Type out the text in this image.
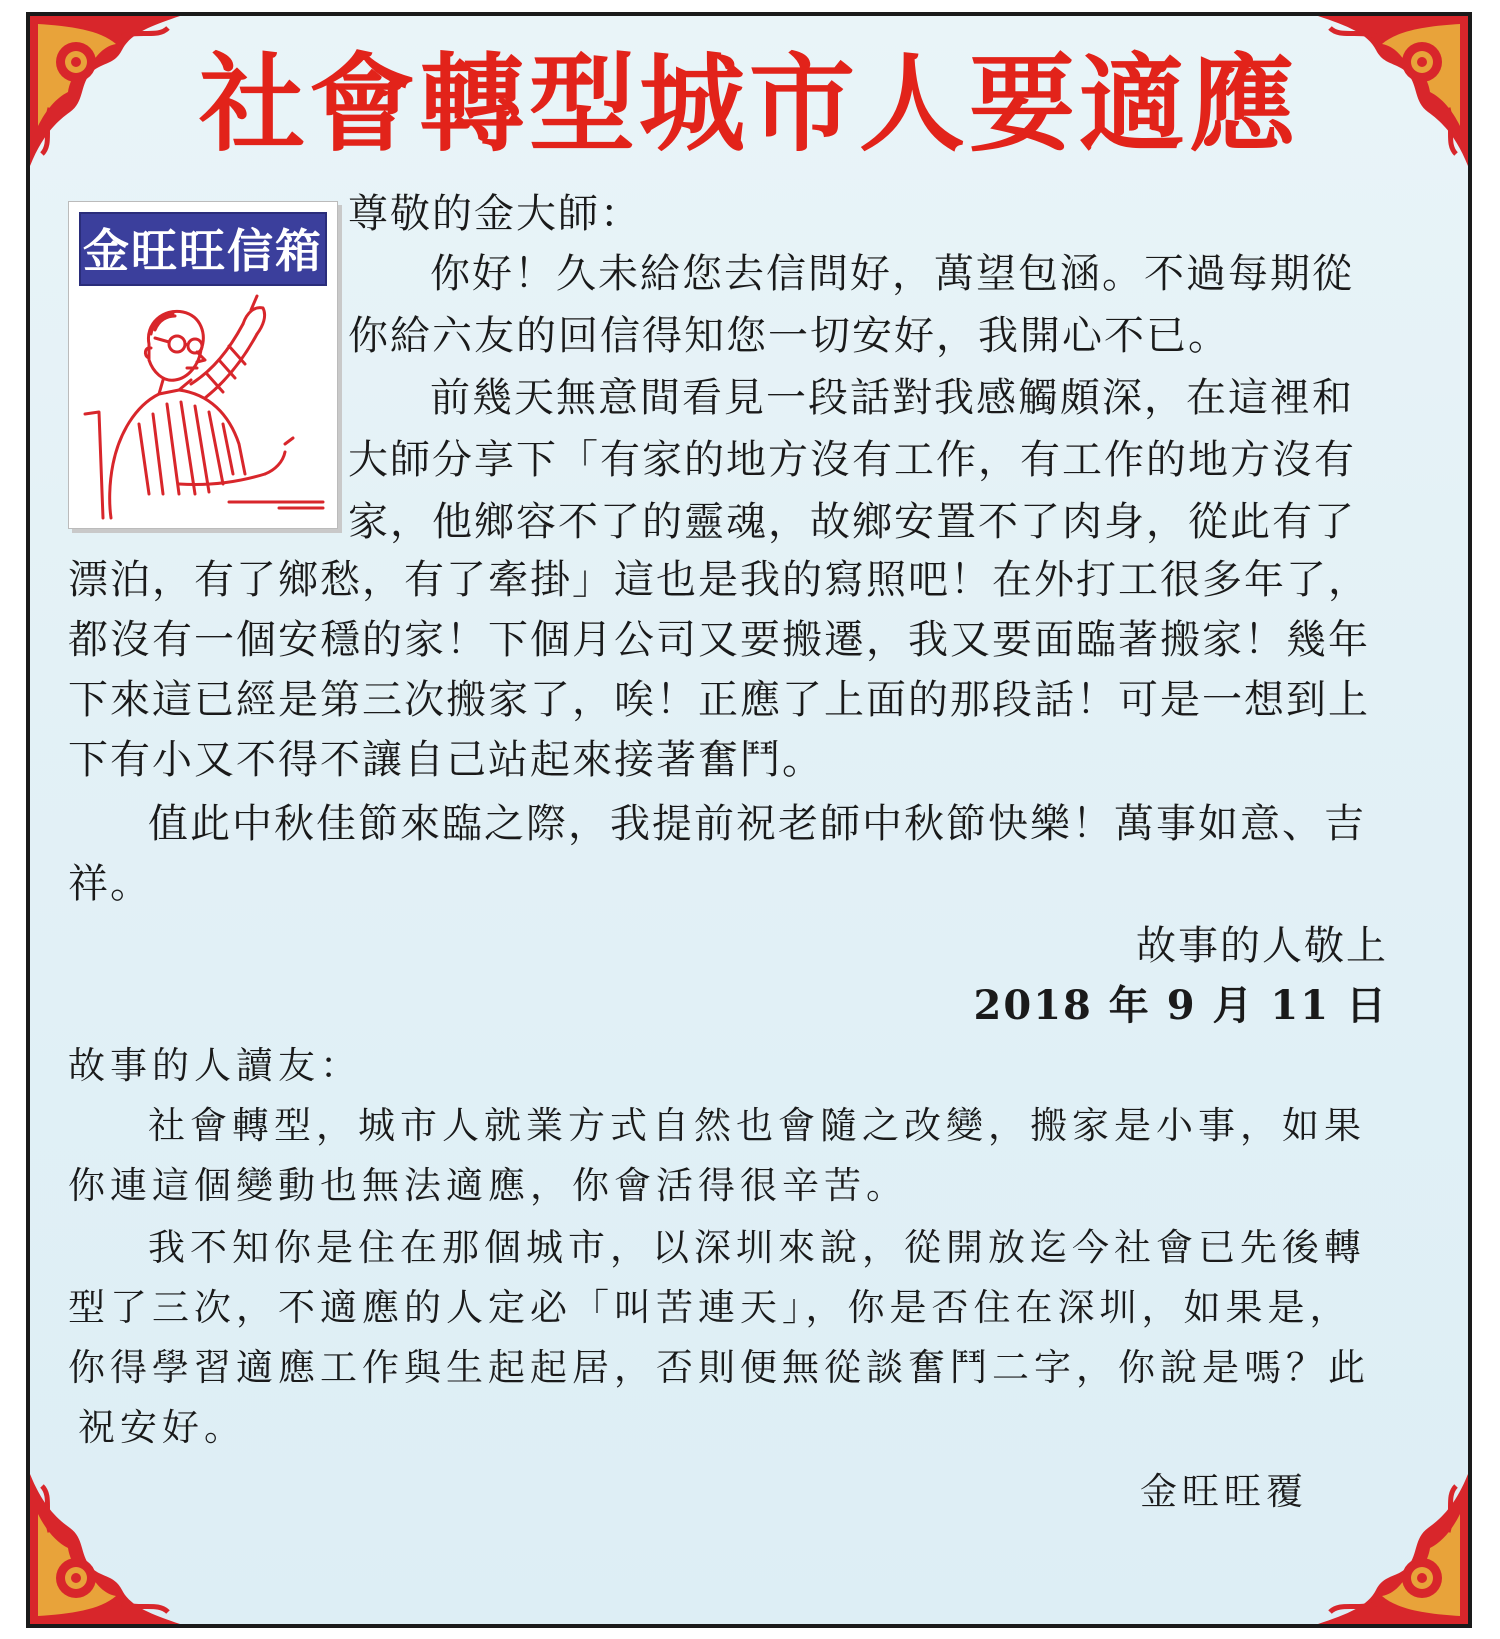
社會轉型城市人要適應
金旺旺信箱
尊敬的金大師：
你好！久未給您去信問好，萬望包涵。不過每期從
你給六友的回信得知您一切安好，我開心不已。
前幾天無意間看見一段話對我感觸頗深，在這裡和
大師分享下「有家的地方沒有工作，有工作的地方沒有
家，他鄉容不了的靈魂，故鄉安置不了肉身，從此有了
漂泊，有了鄉愁，有了牽掛」這也是我的寫照吧！在外打工很多年了，
都沒有一個安穩的家！下個月公司又要搬遷，我又要面臨著搬家！幾年
下來這已經是第三次搬家了，唉！正應了上面的那段話！可是一想到上
下有小又不得不讓自己站起來接著奮鬥。
值此中秋佳節來臨之際，我提前祝老師中秋節快樂！萬事如意、吉
祥。
故事的人敬上
2018 年 9 月 11 日
故事的人讀友：
社會轉型，城市人就業方式自然也會隨之改變，搬家是小事，如果
你連這個變動也無法適應，你會活得很辛苦。
我不知你是住在那個城市，以深圳來說，從開放迄今社會已先後轉
型了三次，不適應的人定必「叫苦連天」，你是否住在深圳，如果是，
你得學習適應工作與生起起居，否則便無從談奮鬥二字，你說是嗎？此
祝安好。
金旺旺覆
